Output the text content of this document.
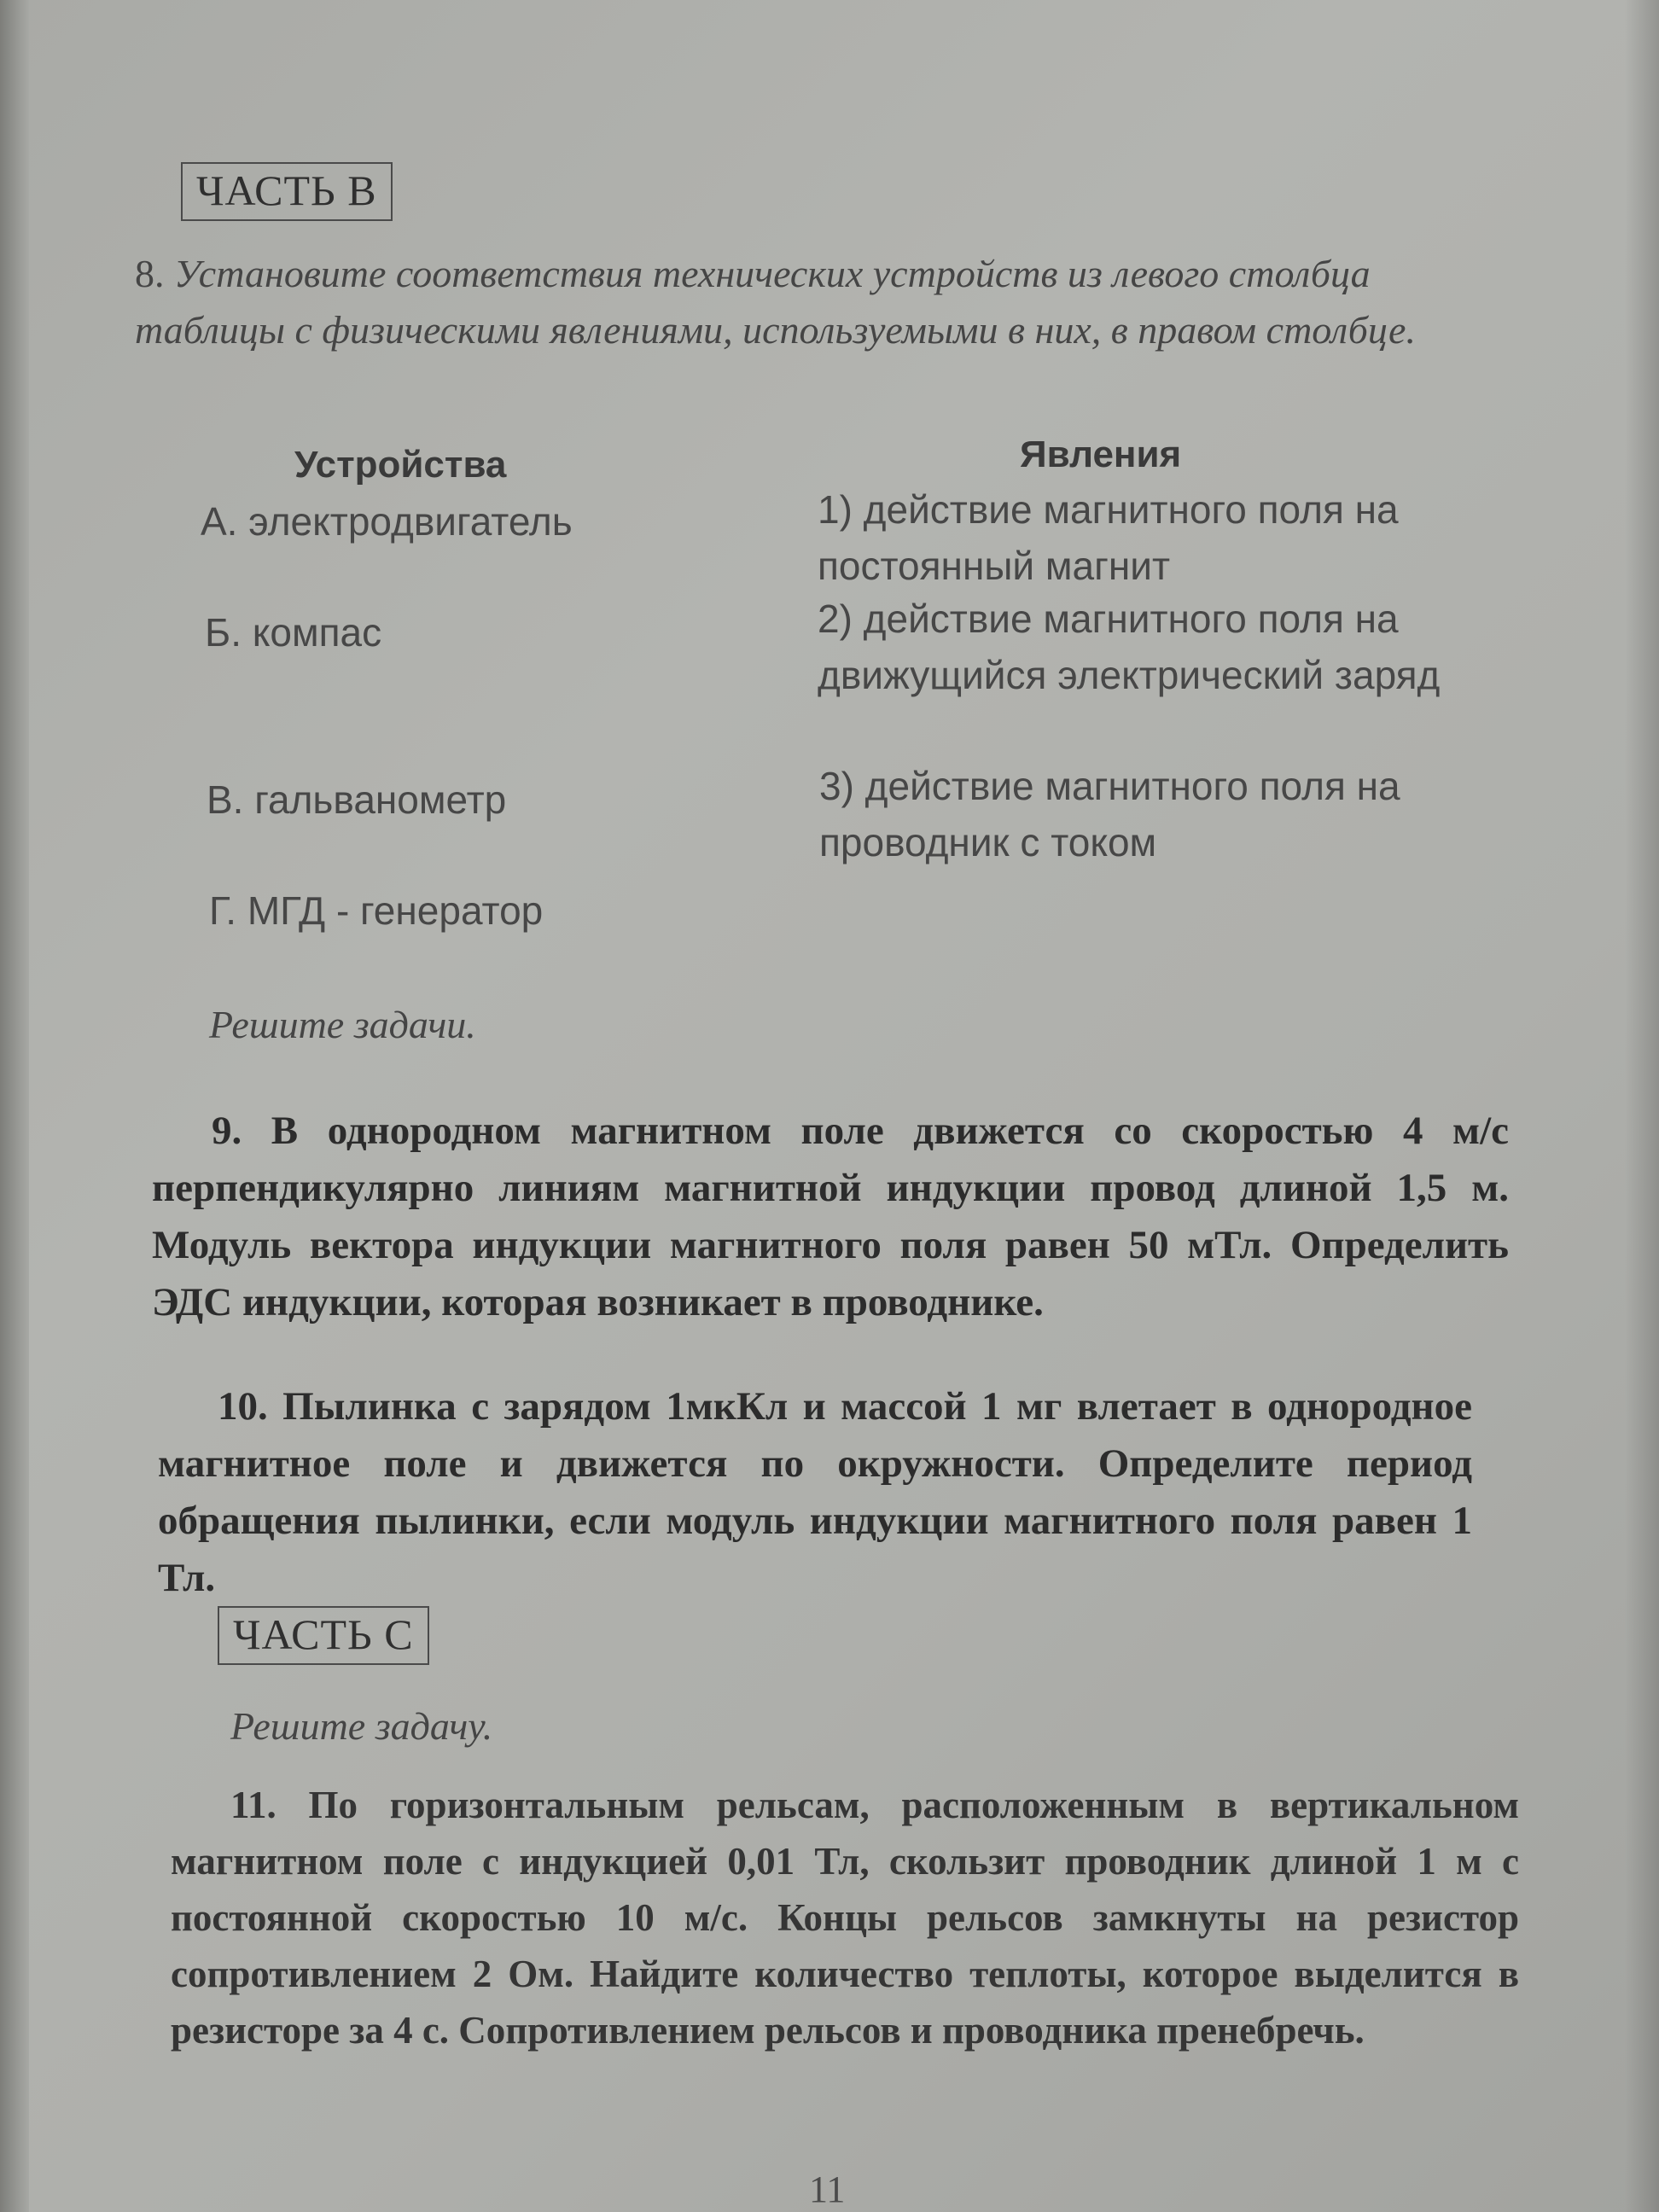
ЧАСТЬ В
8. Установите соответствия технических устройств из левого столбца таблицы с физическими явлениями, используемыми в них, в правом столбце.
Устройства	Явления
А. электродвигатель
Б. компас
В. гальванометр
Г. МГД - генератор
1) действие магнитного поля на постоянный магнит
2) действие магнитного поля на движущийся электрический заряд
3) действие магнитного поля на проводник с током
Решите задачи.
9. В однородном магнитном поле движется со скоростью 4 м/с перпендикулярно линиям магнитной индукции провод длиной 1,5 м. Модуль вектора индукции магнитного поля равен 50 мТл. Определить ЭДС индукции, которая возникает в проводнике.
10. Пылинка с зарядом 1мкКл и массой 1 мг влетает в однородное магнитное поле и движется по окружности. Определите период обращения пылинки, если модуль индукции магнитного поля равен 1 Тл.
ЧАСТЬ С
Решите задачу.
11. По горизонтальным рельсам, расположенным в вертикальном магнитном поле с индукцией 0,01 Тл, скользит проводник длиной 1 м с постоянной скоростью 10 м/с. Концы рельсов замкнуты на резистор сопротивлением 2 Ом. Найдите количество теплоты, которое выделится в резисторе за 4 с. Сопротивлением рельсов и проводника пренебречь.
11
